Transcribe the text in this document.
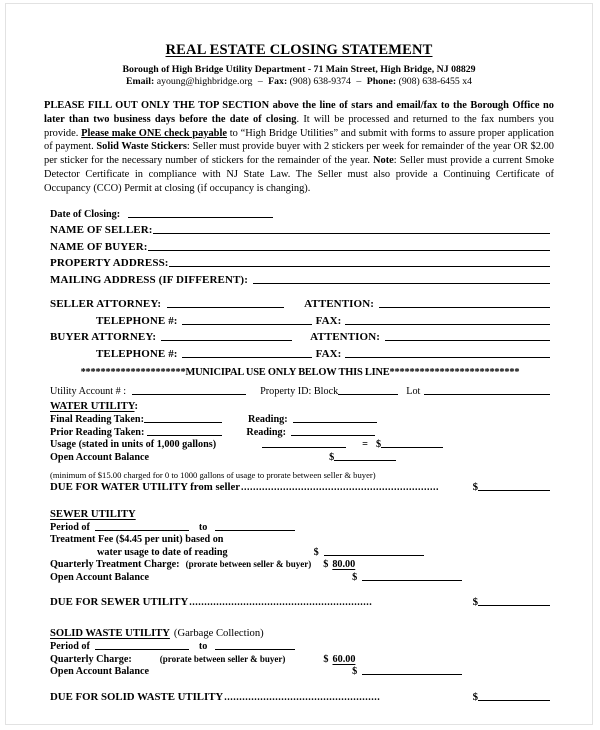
REAL ESTATE CLOSING STATEMENT
Borough of High Bridge Utility Department - 71 Main Street, High Bridge, NJ 08829
Email: ayoung@highbridge.org – Fax: (908) 638-9374 – Phone: (908) 638-6455 x4
PLEASE FILL OUT ONLY THE TOP SECTION above the line of stars and email/fax to the Borough Office no later than two business days before the date of closing. It will be processed and returned to the fax numbers you provide. Please make ONE check payable to “High Bridge Utilities” and submit with forms to assure proper application of payment. Solid Waste Stickers: Seller must provide buyer with 2 stickers per week for remainder of the year OR $2.00 per sticker for the necessary number of stickers for the remainder of the year. Note: Seller must provide a current Smoke Detector Certificate in compliance with NJ State Law. The Seller must also provide a Continuing Certificate of Occupancy (CCO) Permit at closing (if occupancy is changing).
Date of Closing:
NAME OF SELLER:
NAME OF BUYER:
PROPERTY ADDRESS:
MAILING ADDRESS (IF DIFFERENT):
SELLER ATTORNEY:	ATTENTION:
TELEPHONE #:	FAX:
BUYER ATTORNEY:	ATTENTION:
TELEPHONE #:	FAX:
*********************MUNICIPAL USE ONLY BELOW THIS LINE**************************
Utility Account # :	Property ID: Block	Lot
WATER UTILITY:
Final Reading Taken:	Reading:
Prior Reading Taken:	Reading:
Usage (stated in units of 1,000 gallons)	= $
Open Account Balance	$
(minimum of $15.00 charged for 0 to 1000 gallons of usage to prorate between seller & buyer)
DUE FOR WATER UTILITY from seller ..................................................................	$
SEWER UTILITY
Period of	to
Treatment Fee ($4.45 per unit) based on
water usage to date of reading	$
Quarterly Treatment Charge: (prorate between seller & buyer) $ 80.00
Open Account Balance	$
DUE FOR SEWER UTILITY .............................................................	$
SOLID WASTE UTILITY (Garbage Collection)
Period of	to
Quarterly Charge:	(prorate between seller & buyer)	$ 60.00
Open Account Balance	$
DUE FOR SOLID WASTE UTILITY ....................................................	$
